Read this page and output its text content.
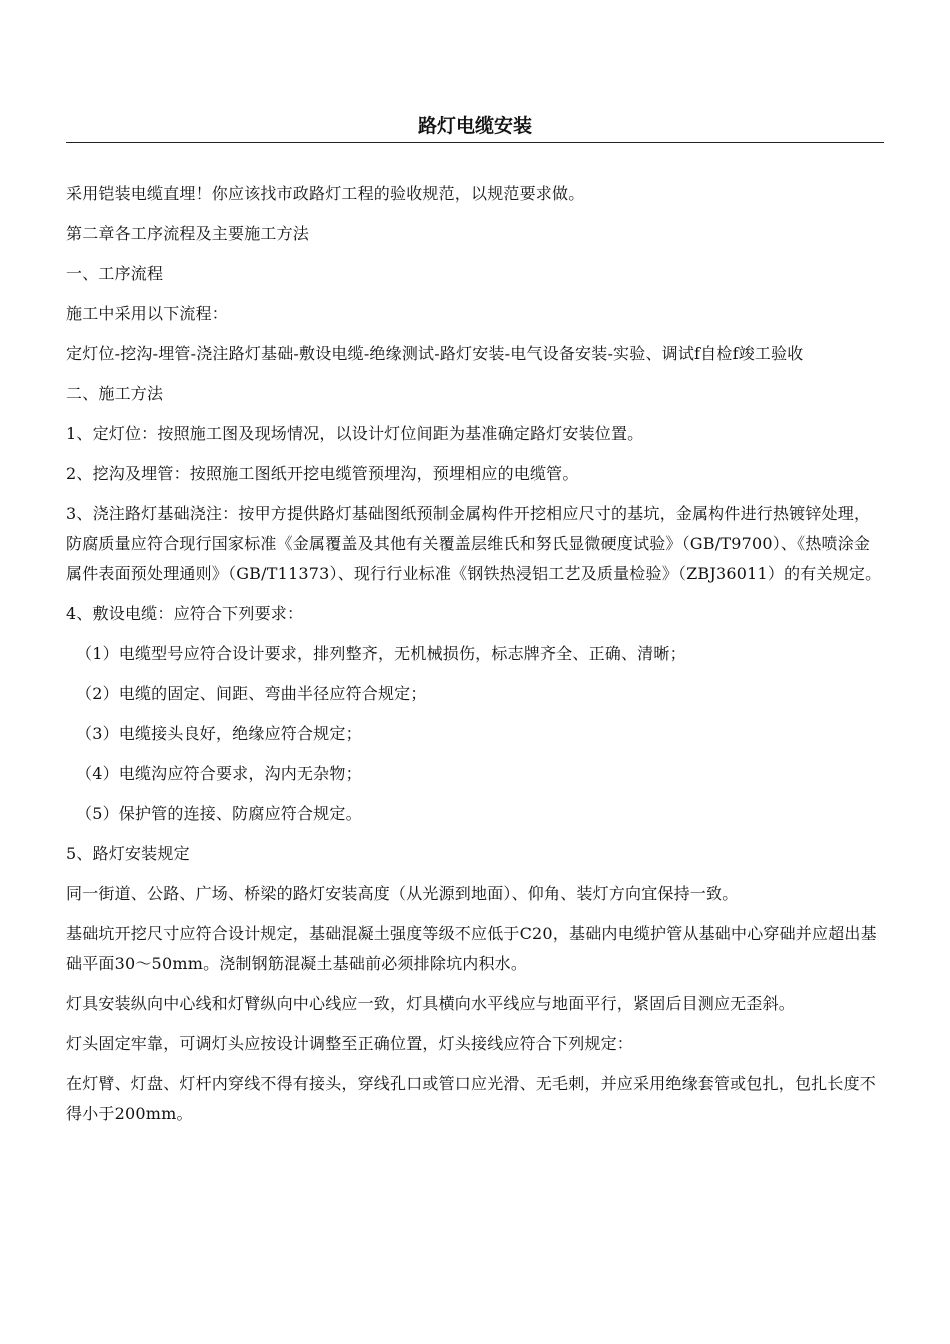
路灯电缆安装

采用铠装电缆直埋！你应该找市政路灯工程的验收规范，以规范要求做。

第二章各工序流程及主要施工方法

一、工序流程

施工中采用以下流程：

定灯位-挖沟-埋管-浇注路灯基础-敷设电缆-绝缘测试-路灯安装-电气设备安装-实验、调试f自检f竣工验收

二、施工方法

1、定灯位：按照施工图及现场情况，以设计灯位间距为基准确定路灯安装位置。

2、挖沟及埋管：按照施工图纸开挖电缆管预埋沟，预埋相应的电缆管。

3、浇注路灯基础浇注：按甲方提供路灯基础图纸预制金属构件开挖相应尺寸的基坑，金属构件进行热镀锌处理，防腐质量应符合现行国家标准《金属覆盖及其他有关覆盖层维氏和努氏显微硬度试验》（GB/T9700）、《热喷涂金属件表面预处理通则》（GB/T11373）、现行行业标准《钢铁热浸铝工艺及质量检验》（ZBJ36011）的有关规定。

4、敷设电缆：应符合下列要求：

（1）电缆型号应符合设计要求，排列整齐，无机械损伤，标志牌齐全、正确、清晰；

（2）电缆的固定、间距、弯曲半径应符合规定；

（3）电缆接头良好，绝缘应符合规定；

（4）电缆沟应符合要求，沟内无杂物；

（5）保护管的连接、防腐应符合规定。

5、路灯安装规定

同一街道、公路、广场、桥梁的路灯安装高度（从光源到地面）、仰角、装灯方向宜保持一致。

基础坑开挖尺寸应符合设计规定，基础混凝土强度等级不应低于C20，基础内电缆护管从基础中心穿础并应超出基础平面30～50mm。浇制钢筋混凝土基础前必须排除坑内积水。

灯具安装纵向中心线和灯臂纵向中心线应一致，灯具横向水平线应与地面平行，紧固后目测应无歪斜。

灯头固定牢靠，可调灯头应按设计调整至正确位置，灯头接线应符合下列规定：

在灯臂、灯盘、灯杆内穿线不得有接头，穿线孔口或管口应光滑、无毛刺，并应采用绝缘套管或包扎，包扎长度不得小于200mm。
